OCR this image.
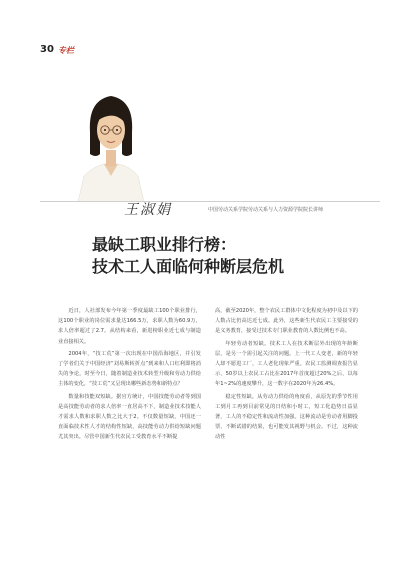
30 专栏
王淑娟	中国劳动关系学院劳动关系与人力资源学院院长讲师
最缺工职业排行榜：
技术工人面临何种断层危机

近日，人社部发布今年第一季度最缺工100个职业排行，这100个职业的岗位需求量达166.5万，求职人数为60.9万，求人倍率超过了2.7。从结构来看，新进榜职业近七成与制造业直接相关。

2004年，“技工荒”第一次出现在中国沿海地区，并引发了学者们关于中国经济“刘易斯转折点”到来和人口红利即将消失的争论。时至今日，随着制造业技术转型升级和劳动力供给主体的变化，“技工荒”又呈现出哪些新态势和新特点？

数量和技能双短缺。据官方统计，中国技能劳动者等到国是高技能劳动者的求人倍率一直居高不下，制造业技术技能人才需求人数和求职人数之比大于2。不仅数量短缺，中国还一直面临技术性人才的结构性短缺，高技能劳动力供给短缺问题尤其突出。尽管中国新生代农民工受教育水平不断提

高，截至2020年，整个农民工群体中文化程度为初中及以下的人数占比仍高达近七成。此外，这些新生代农民工主要接受的是义务教育，接受过技术专门职业教育的人数比例也不高。

年轻劳动者短缺。技术工人在技术断层外出现的年龄断层，是另一个需引起关注的问题。上一代工人变老，新的年轻人却不愿进工厂，工人老化现象严重。农民工监测调查报告显示，50岁以上农民工占比在2017年首度超过20%之后，以每年1~2%的速度攀升，这一数字在2020年为26.4%。

稳定性短缺。从劳动力供给的角度看，从原先的季节性用工到月工再到目前常见的日结和小时工，短工化趋势日益显著，工人的不稳定性和流动性加强。这种流动是劳动者用脚投票、不断试错的结果，也可能发其视野与机会。不过，这种流动性
